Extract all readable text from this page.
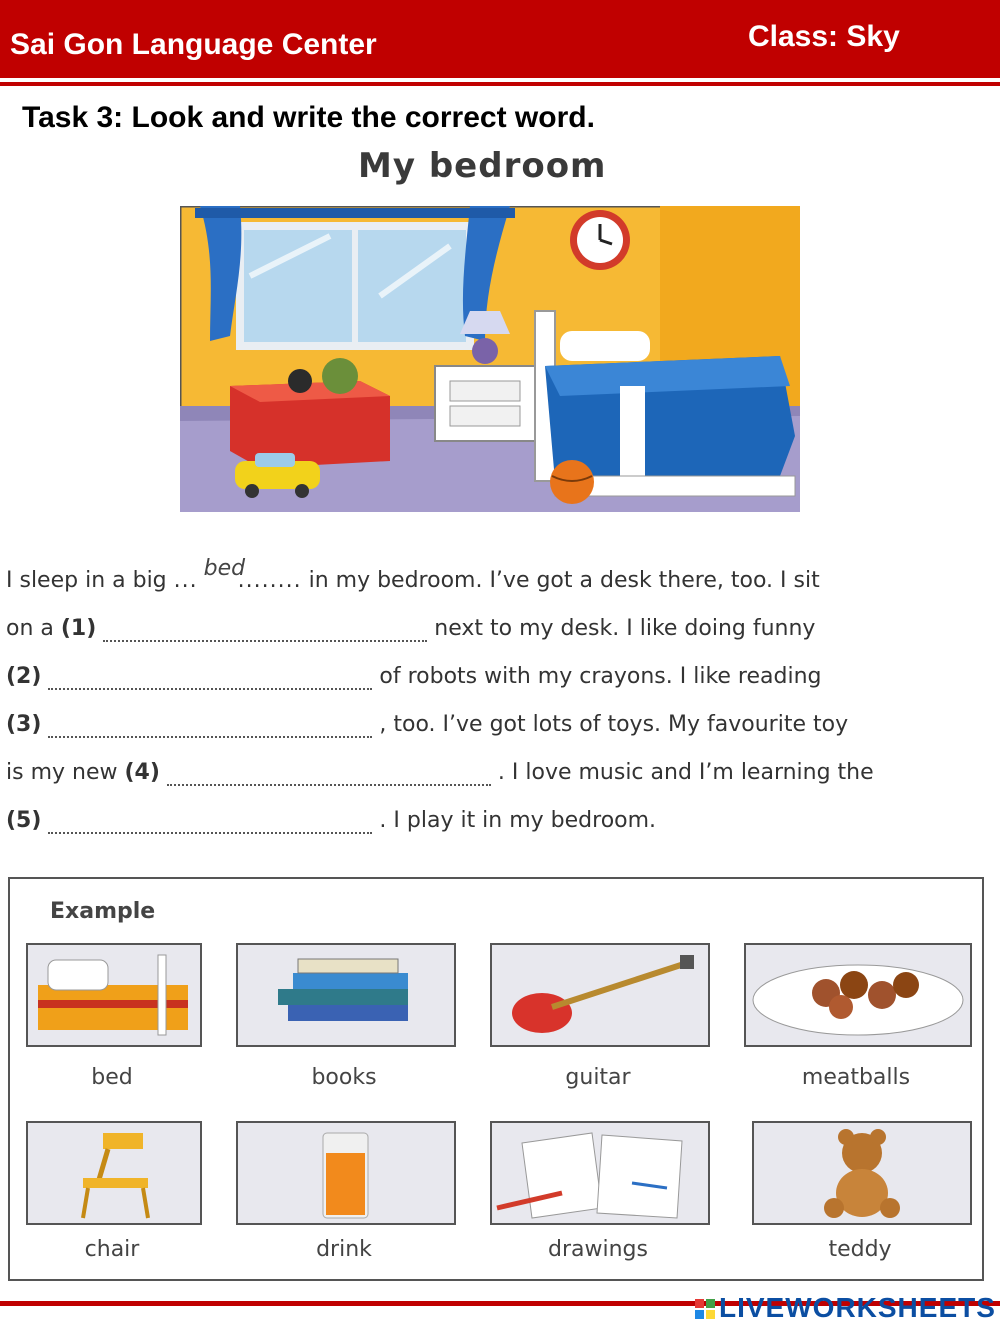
Sai Gon Language Center	Class: Sky
Task 3: Look and write the correct word.
My bedroom
I sleep in a big ... bed
........ in my bedroom. I’ve got a desk there, too. I sit
on a (1)	next to my desk. I like doing funny
(2)	of robots with my crayons. I like reading
(3)	, too. I’ve got lots of toys. My favourite toy
is my new (4)	. I love music and I’m learning the
(5)	. I play it in my bedroom.
Example
bed	books	guitar	meatballs
chair	drink	drawings	teddy
LIVEWORKSHEETS
